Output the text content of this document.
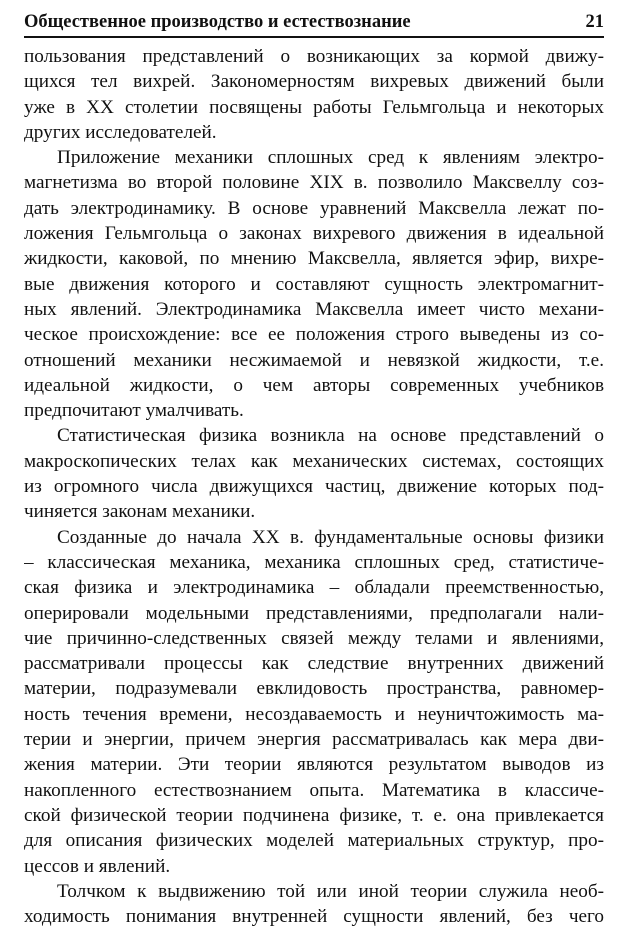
Общественное производство и естествознание	21
пользования представлений о возникающих за кормой движу-
щихся тел вихрей. Закономерностям вихревых движений были
уже в XX столетии посвящены работы Гельмгольца и некоторых
других исследователей.
Приложение механики сплошных сред к явлениям электро-
магнетизма во второй половине XIX в. позволило Максвеллу соз-
дать электродинамику. В основе уравнений Максвелла лежат по-
ложения Гельмгольца о законах вихревого движения в идеальной
жидкости, каковой, по мнению Максвелла, является эфир, вихре-
вые движения которого и составляют сущность электромагнит-
ных явлений. Электродинамика Максвелла имеет чисто механи-
ческое происхождение: все ее положения строго выведены из со-
отношений механики несжимаемой и невязкой жидкости, т.е.
идеальной жидкости, о чем авторы современных учебников
предпочитают умалчивать.
Статистическая физика возникла на основе представлений о
макроскопических телах как механических системах, состоящих
из огромного числа движущихся частиц, движение которых под-
чиняется законам механики.
Созданные до начала XX в. фундаментальные основы физики
– классическая механика, механика сплошных сред, статистиче-
ская физика и электродинамика – обладали преемственностью,
оперировали модельными представлениями, предполагали нали-
чие причинно-следственных связей между телами и явлениями,
рассматривали процессы как следствие внутренних движений
материи, подразумевали евклидовость пространства, равномер-
ность течения времени, несоздаваемость и неуничтожимость ма-
терии и энергии, причем энергия рассматривалась как мера дви-
жения материи. Эти теории являются результатом выводов из
накопленного естествознанием опыта. Математика в классиче-
ской физической теории подчинена физике, т. е. она привлекается
для описания физических моделей материальных структур, про-
цессов и явлений.
Толчком к выдвижению той или иной теории служила необ-
ходимость понимания внутренней сущности явлений, без чего
